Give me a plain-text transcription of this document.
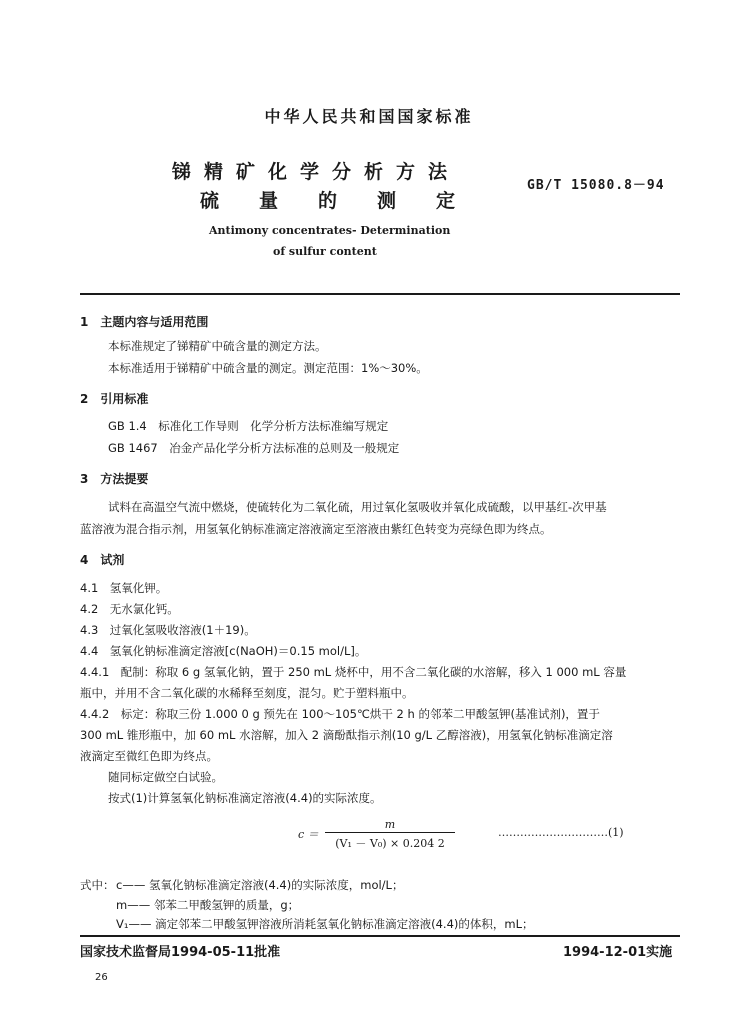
中华人民共和国国家标准
锑精矿化学分析方法
硫量的测定
GB/T 15080.8－94
Antimony concentrates- Determination
of sulfur content
1　主题内容与适用范围
本标准规定了锑精矿中硫含量的测定方法。
本标准适用于锑精矿中硫含量的测定。测定范围：1%～30%。
2　引用标准
GB 1.4　标准化工作导则　化学分析方法标准编写规定
GB 1467　冶金产品化学分析方法标准的总则及一般规定
3　方法提要
试料在高温空气流中燃烧，使硫转化为二氧化硫，用过氧化氢吸收并氧化成硫酸，以甲基红-次甲基
蓝溶液为混合指示剂，用氢氧化钠标准滴定溶液滴定至溶液由紫红色转变为亮绿色即为终点。
4　试剂
4.1　氢氧化钾。
4.2　无水氯化钙。
4.3　过氧化氢吸收溶液(1＋19)。
4.4　氢氧化钠标准滴定溶液[c(NaOH)＝0.15 mol/L]。
4.4.1　配制：称取 6 g 氢氧化钠，置于 250 mL 烧杯中，用不含二氧化碳的水溶解，移入 1 000 mL 容量
瓶中，并用不含二氧化碳的水稀释至刻度，混匀。贮于塑料瓶中。
4.4.2　标定：称取三份 1.000 0 g 预先在 100～105℃烘干 2 h 的邻苯二甲酸氢钾(基准试剂)，置于
300 mL 锥形瓶中，加 60 mL 水溶解，加入 2 滴酚酞指示剂(10 g/L 乙醇溶液)，用氢氧化钠标准滴定溶
液滴定至微红色即为终点。
随同标定做空白试验。
按式(1)计算氢氧化钠标准滴定溶液(4.4)的实际浓度。
$c = \frac{m}{\text{(V₁ － V₀) × 0.204 2}}$	…………………………(1)
式中： c—— 氢氧化钠标准滴定溶液(4.4)的实际浓度，mol/L；
m—— 邻苯二甲酸氢钾的质量，g；
V₁—— 滴定邻苯二甲酸氢钾溶液所消耗氢氧化钠标准滴定溶液(4.4)的体积，mL；
国家技术监督局1994-05-11批准	1994-12-01实施
26
